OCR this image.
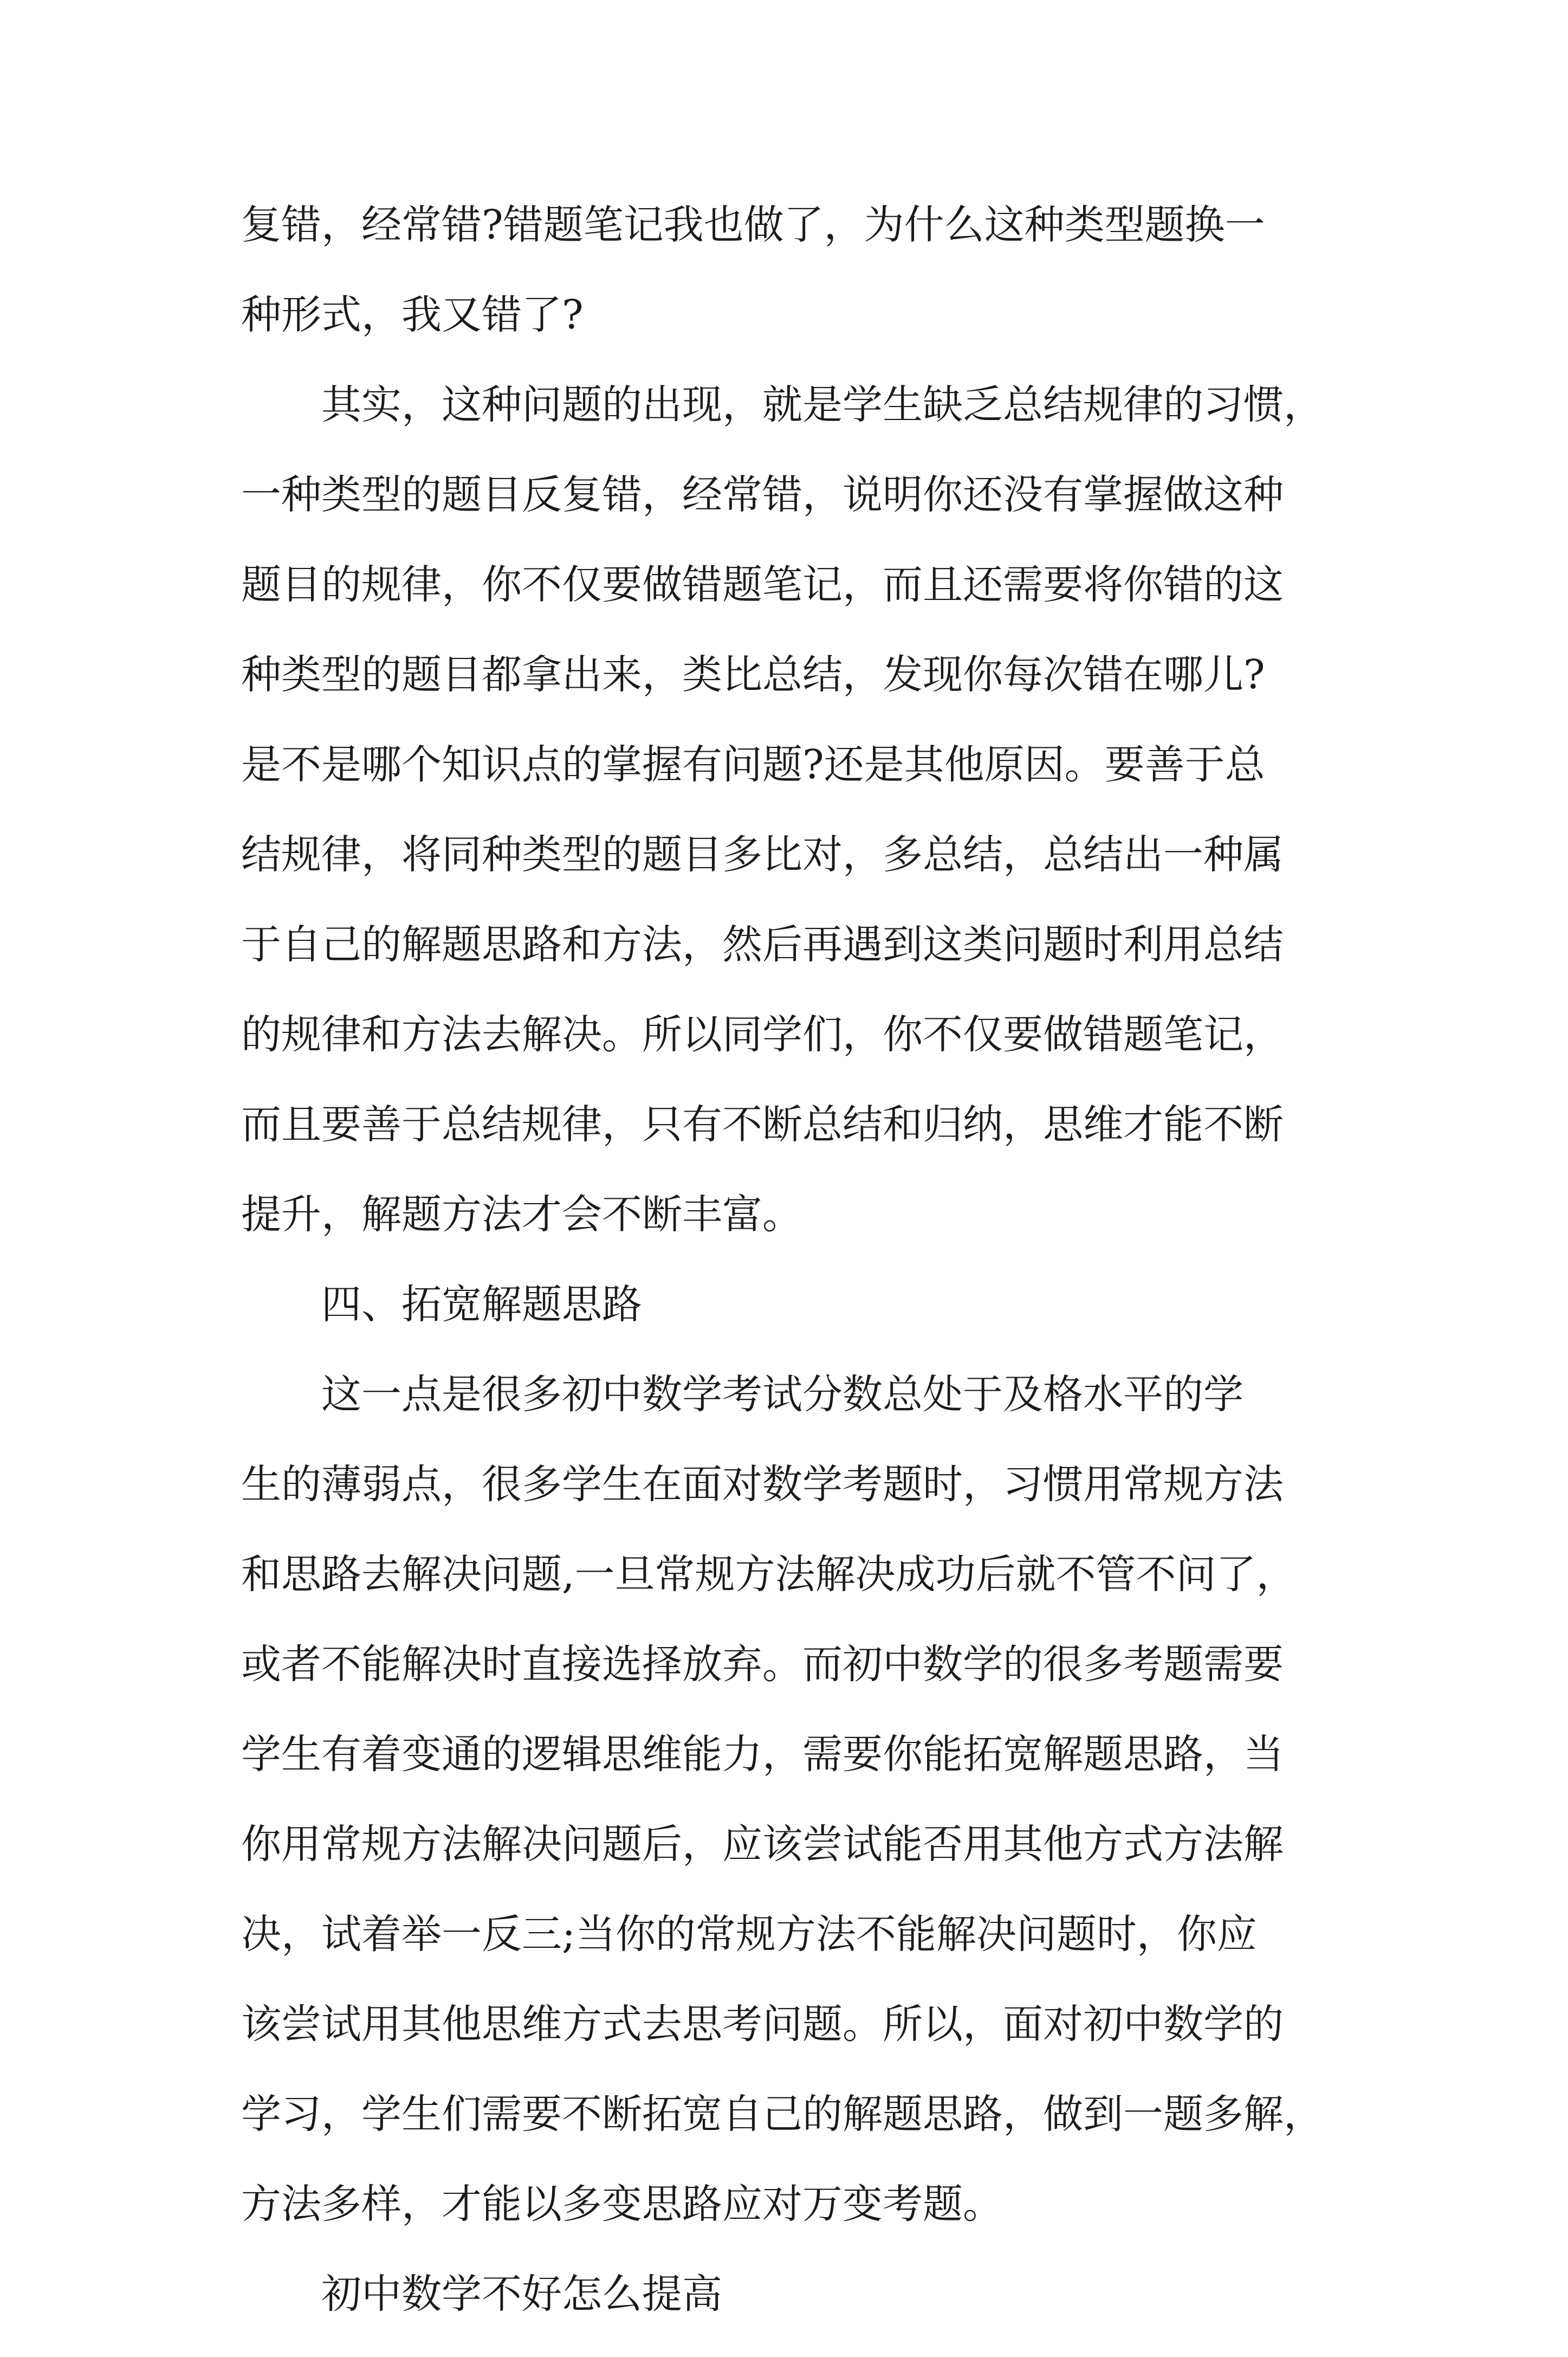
复错，经常错?错题笔记我也做了，为什么这种类型题换一
种形式，我又错了?
其实，这种问题的出现，就是学生缺乏总结规律的习惯，
一种类型的题目反复错，经常错，说明你还没有掌握做这种
题目的规律，你不仅要做错题笔记，而且还需要将你错的这
种类型的题目都拿出来，类比总结，发现你每次错在哪儿?
是不是哪个知识点的掌握有问题?还是其他原因。要善于总
结规律，将同种类型的题目多比对，多总结，总结出一种属
于自己的解题思路和方法，然后再遇到这类问题时利用总结
的规律和方法去解决。所以同学们，你不仅要做错题笔记，
而且要善于总结规律，只有不断总结和归纳，思维才能不断
提升，解题方法才会不断丰富。
四、拓宽解题思路
这一点是很多初中数学考试分数总处于及格水平的学
生的薄弱点，很多学生在面对数学考题时，习惯用常规方法
和思路去解决问题,一旦常规方法解决成功后就不管不问了，
或者不能解决时直接选择放弃。而初中数学的很多考题需要
学生有着变通的逻辑思维能力，需要你能拓宽解题思路，当
你用常规方法解决问题后，应该尝试能否用其他方式方法解
决，试着举一反三;当你的常规方法不能解决问题时，你应
该尝试用其他思维方式去思考问题。所以，面对初中数学的
学习，学生们需要不断拓宽自己的解题思路，做到一题多解，
方法多样，才能以多变思路应对万变考题。
初中数学不好怎么提高
